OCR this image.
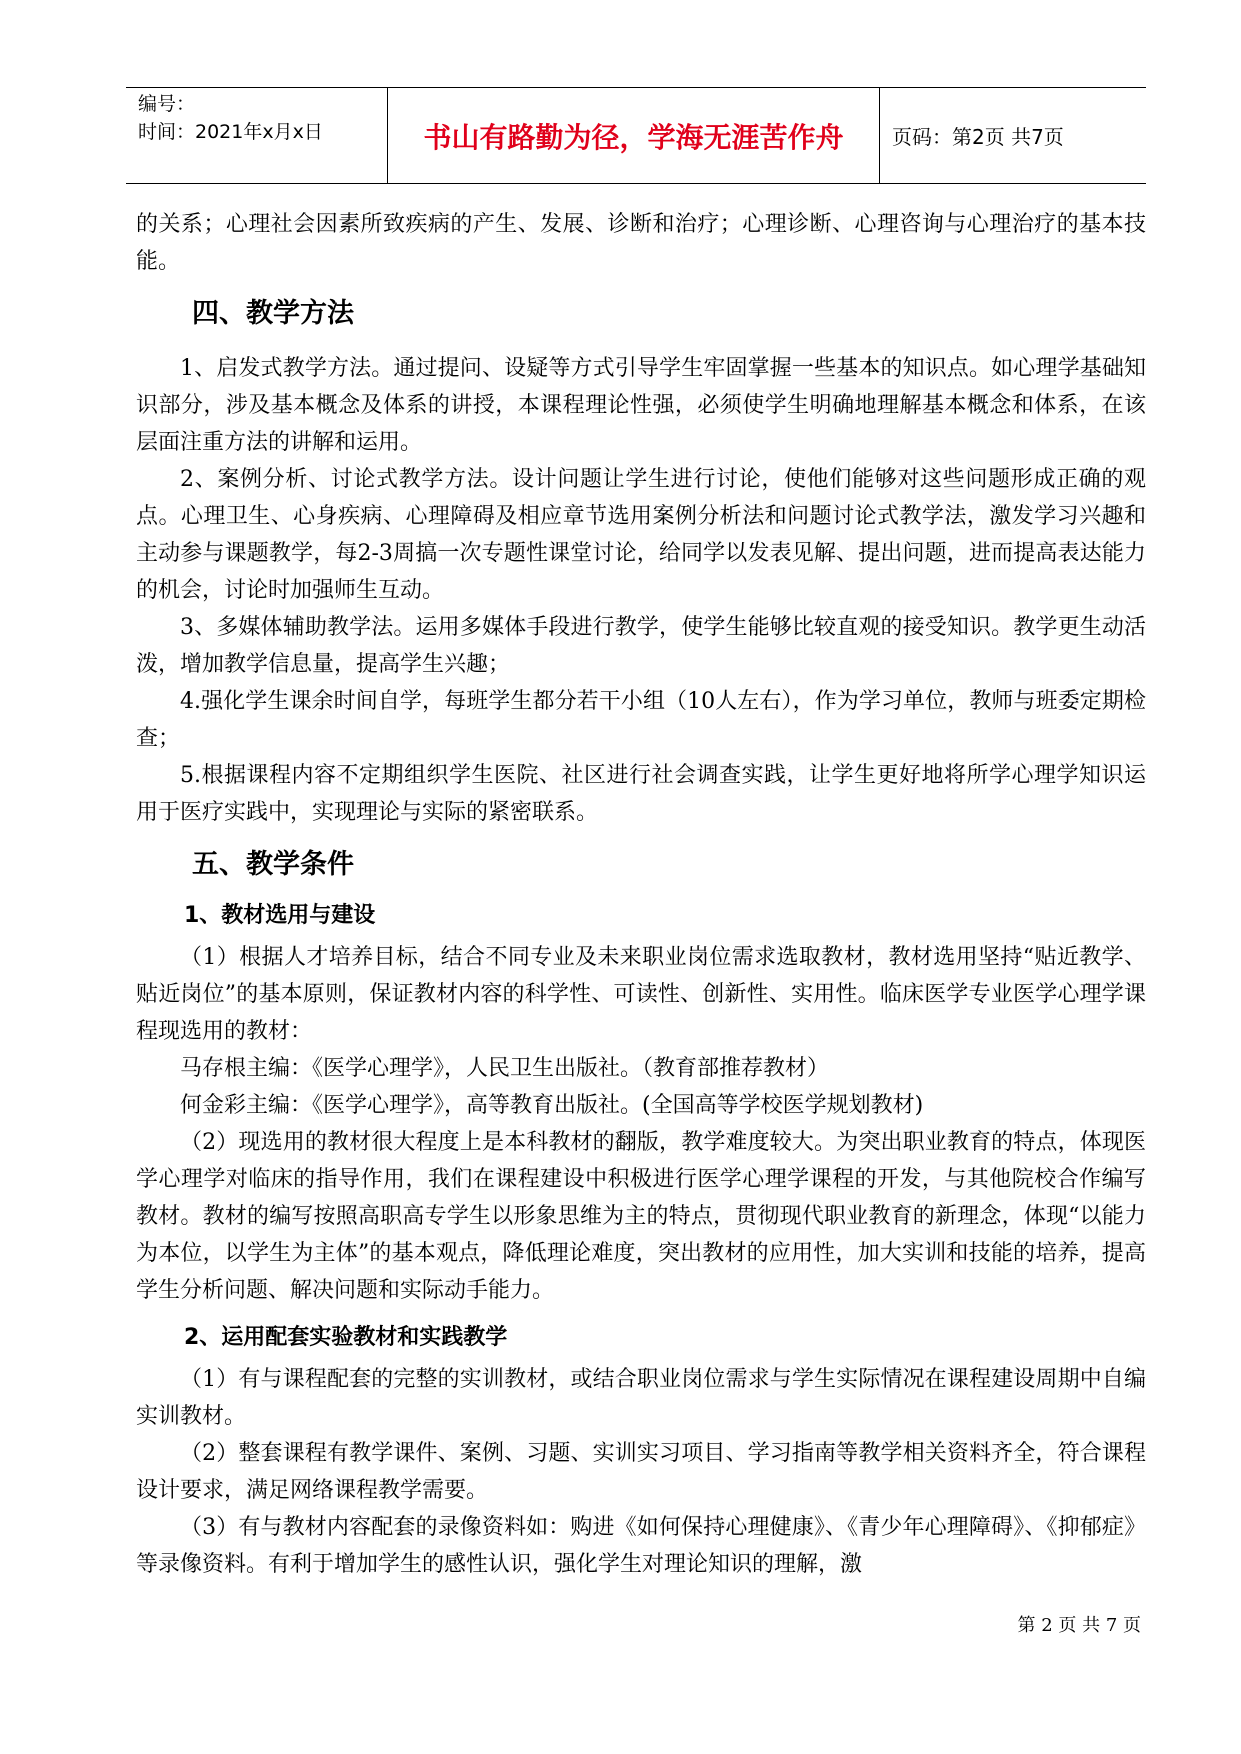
编号：
时间：2021年x月x日	书山有路勤为径，学海无涯苦作舟	页码：第2页 共7页

的关系；心理社会因素所致疾病的产生、发展、诊断和治疗；心理诊断、心理咨询与心理治疗的基本技能。

四、教学方法

1、启发式教学方法。通过提问、设疑等方式引导学生牢固掌握一些基本的知识点。如心理学基础知识部分，涉及基本概念及体系的讲授，本课程理论性强，必须使学生明确地理解基本概念和体系，在该层面注重方法的讲解和运用。

2、案例分析、讨论式教学方法。设计问题让学生进行讨论，使他们能够对这些问题形成正确的观点。心理卫生、心身疾病、心理障碍及相应章节选用案例分析法和问题讨论式教学法，激发学习兴趣和主动参与课题教学，每2-3周搞一次专题性课堂讨论，给同学以发表见解、提出问题，进而提高表达能力的机会，讨论时加强师生互动。

3、多媒体辅助教学法。运用多媒体手段进行教学，使学生能够比较直观的接受知识。教学更生动活泼，增加教学信息量，提高学生兴趣；

4.强化学生课余时间自学，每班学生都分若干小组（10人左右），作为学习单位，教师与班委定期检查；

5.根据课程内容不定期组织学生医院、社区进行社会调查实践，让学生更好地将所学心理学知识运用于医疗实践中，实现理论与实际的紧密联系。

五、教学条件
1、教材选用与建设

（1）根据人才培养目标，结合不同专业及未来职业岗位需求选取教材，教材选用坚持“贴近教学、贴近岗位”的基本原则，保证教材内容的科学性、可读性、创新性、实用性。临床医学专业医学心理学课程现选用的教材：

马存根主编：《医学心理学》，人民卫生出版社。（教育部推荐教材）

何金彩主编：《医学心理学》，高等教育出版社。(全国高等学校医学规划教材)

（2）现选用的教材很大程度上是本科教材的翻版，教学难度较大。为突出职业教育的特点，体现医学心理学对临床的指导作用，我们在课程建设中积极进行医学心理学课程的开发，与其他院校合作编写教材。教材的编写按照高职高专学生以形象思维为主的特点，贯彻现代职业教育的新理念，体现“以能力为本位，以学生为主体”的基本观点，降低理论难度，突出教材的应用性，加大实训和技能的培养，提高学生分析问题、解决问题和实际动手能力。

2、运用配套实验教材和实践教学

（1）有与课程配套的完整的实训教材，或结合职业岗位需求与学生实际情况在课程建设周期中自编实训教材。

（2）整套课程有教学课件、案例、习题、实训实习项目、学习指南等教学相关资料齐全，符合课程设计要求，满足网络课程教学需要。

（3）有与教材内容配套的录像资料如：购进《如何保持心理健康》、《青少年心理障碍》、《抑郁症》等录像资料。有利于增加学生的感性认识，强化学生对理论知识的理解，激

第 2 页 共 7 页
